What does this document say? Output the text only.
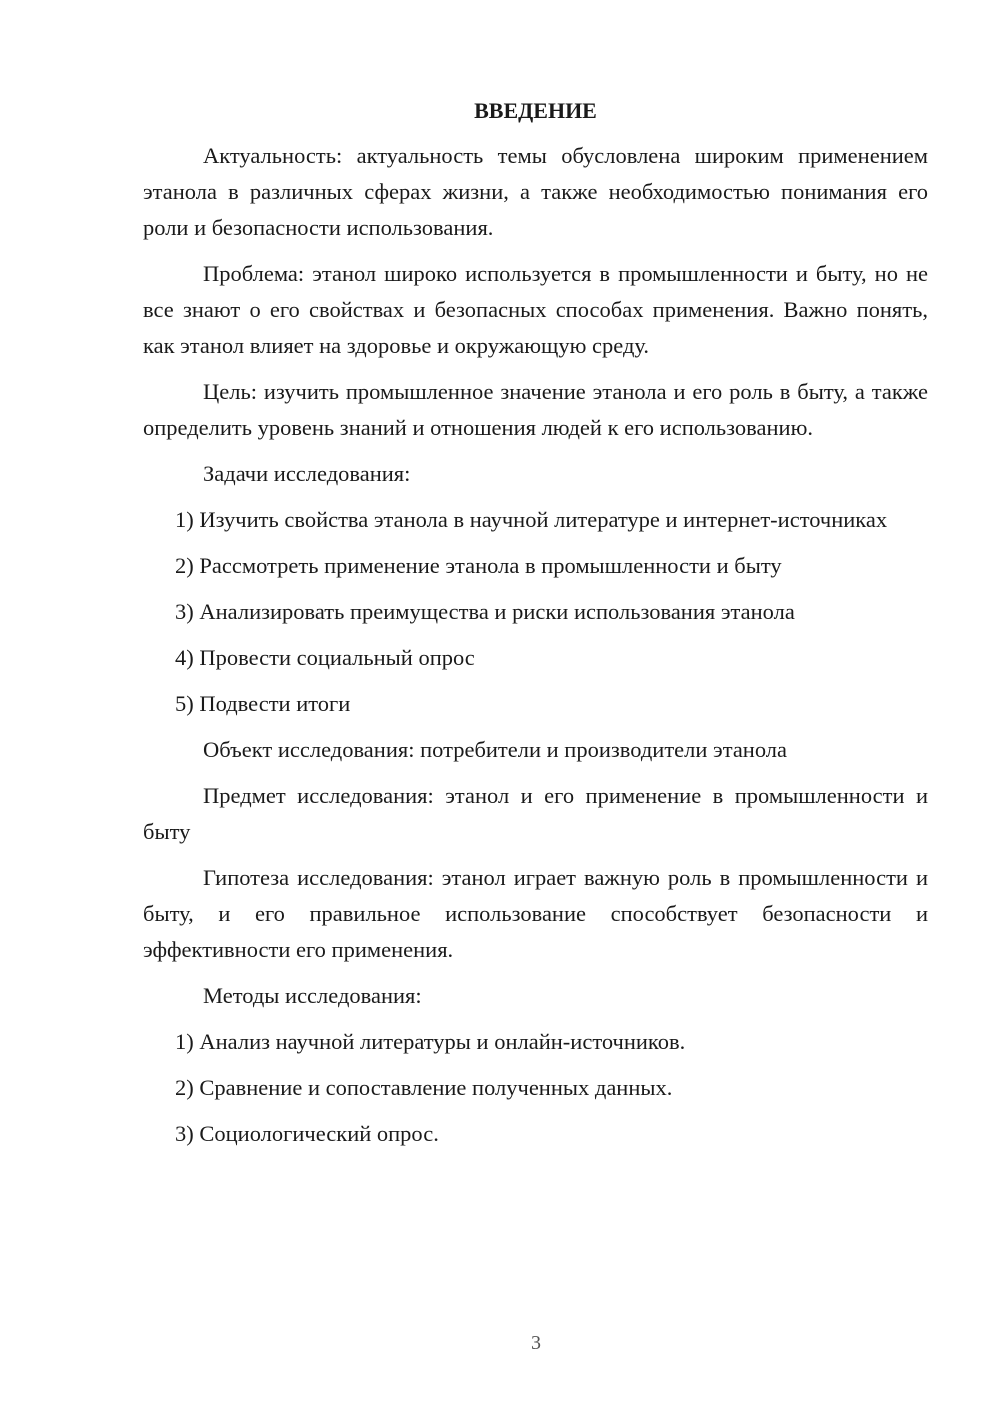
ВВЕДЕНИЕ

Актуальность: актуальность темы обусловлена широким применением этанола в различных сферах жизни, а также необходимостью понимания его роли и безопасности использования.

Проблема: этанол широко используется в промышленности и быту, но не все знают о его свойствах и безопасных способах применения. Важно понять, как этанол влияет на здоровье и окружающую среду.

Цель: изучить промышленное значение этанола и его роль в быту, а также определить уровень знаний и отношения людей к его использованию.

Задачи исследования:

1) Изучить свойства этанола в научной литературе и интернет-источниках

2) Рассмотреть применение этанола в промышленности и быту

3) Анализировать преимущества и риски использования этанола

4) Провести социальный опрос

5) Подвести итоги

Объект исследования: потребители и производители этанола

Предмет исследования: этанол и его применение в промышленности и быту

Гипотеза исследования: этанол играет важную роль в промышленности и быту, и его правильное использование способствует безопасности и эффективности его применения.

Методы исследования:

1) Анализ научной литературы и онлайн-источников.

2) Сравнение и сопоставление полученных данных.

3) Социологический опрос.

3
